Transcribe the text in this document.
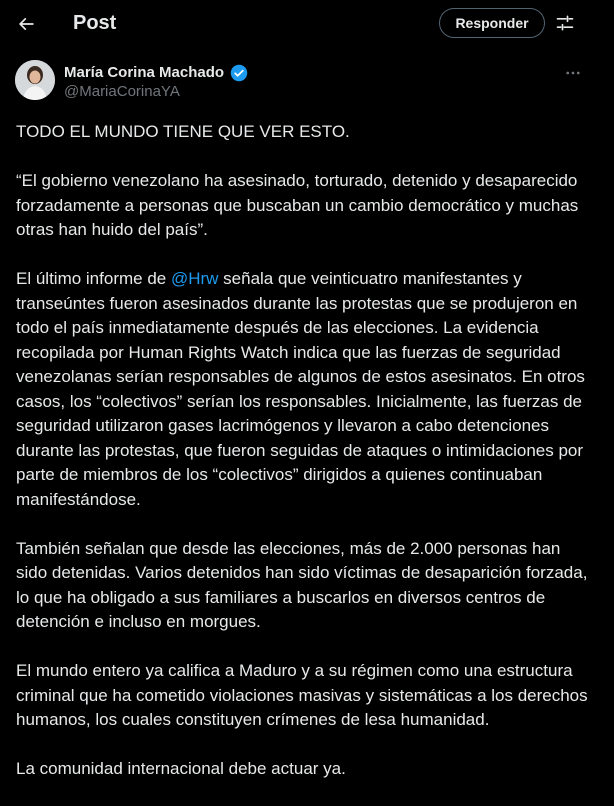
Post	Responder
María Corina Machado
@MariaCorinaYA

TODO EL MUNDO TIENE QUE VER ESTO.

“El gobierno venezolano ha asesinado, torturado, detenido y desaparecido forzadamente a personas que buscaban un cambio democrático y muchas otras han huido del país”.

El último informe de @Hrw señala que veinticuatro manifestantes y transeúntes fueron asesinados durante las protestas que se produjeron en todo el país inmediatamente después de las elecciones. La evidencia recopilada por Human Rights Watch indica que las fuerzas de seguridad venezolanas serían responsables de algunos de estos asesinatos. En otros casos, los “colectivos” serían los responsables. Inicialmente, las fuerzas de seguridad utilizaron gases lacrimógenos y llevaron a cabo detenciones durante las protestas, que fueron seguidas de ataques o intimidaciones por parte de miembros de los “colectivos” dirigidos a quienes continuaban manifestándose.

También señalan que desde las elecciones, más de 2.000 personas han sido detenidas. Varios detenidos han sido víctimas de desaparición forzada, lo que ha obligado a sus familiares a buscarlos en diversos centros de detención e incluso en morgues.

El mundo entero ya califica a Maduro y a su régimen como una estructura criminal que ha cometido violaciones masivas y sistemáticas a los derechos humanos, los cuales constituyen crímenes de lesa humanidad.

La comunidad internacional debe actuar ya.
